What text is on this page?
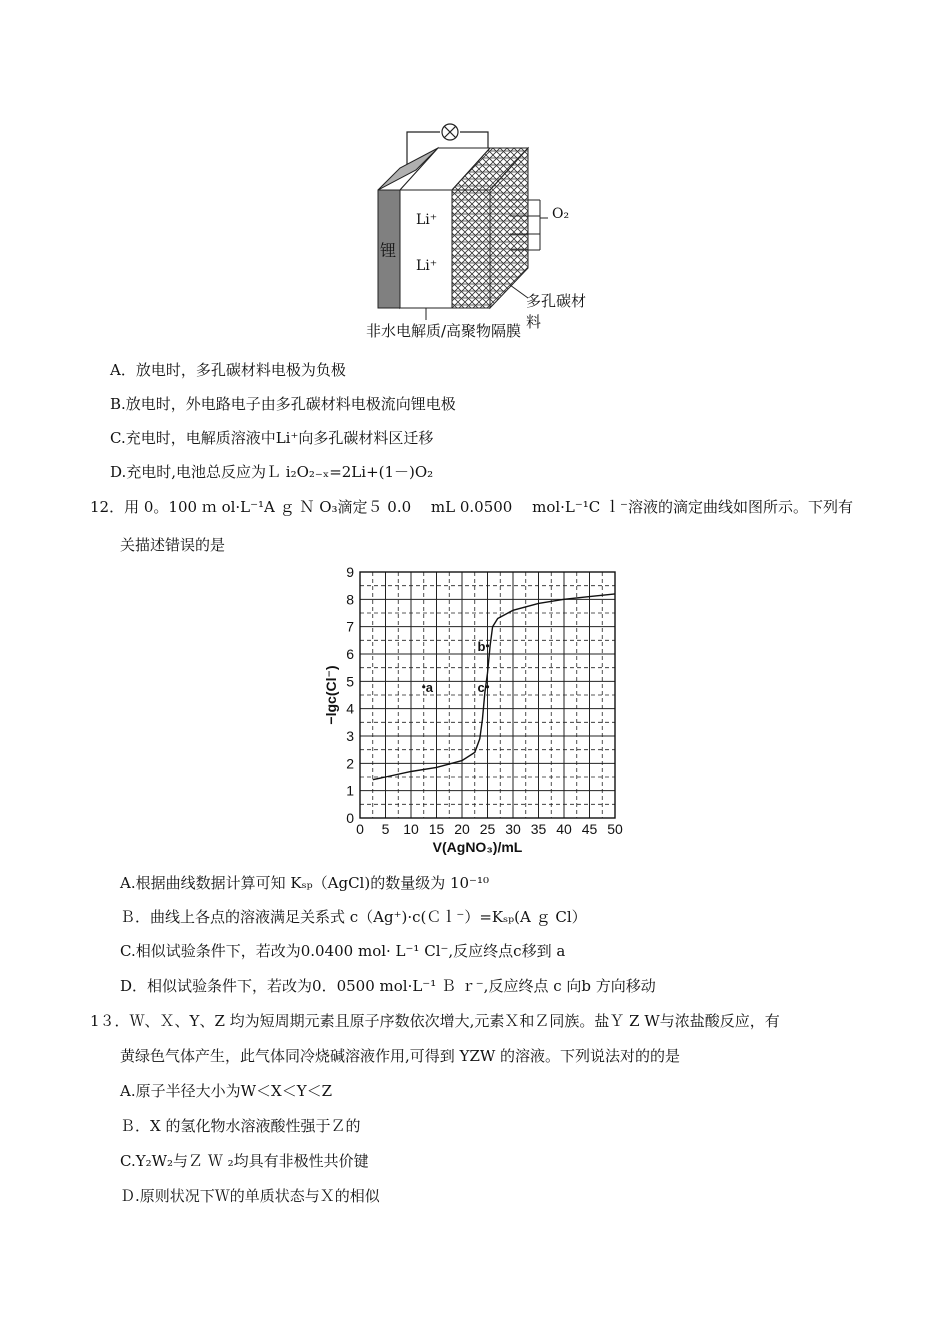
锂
Li⁺
Li⁺
O₂
多孔碳材料
非水电解质/高聚物隔膜
A．放电时，多孔碳材料电极为负极
B.放电时，外电路电子由多孔碳材料电极流向锂电极
C.充电时，电解质溶液中Li⁺向多孔碳材料区迁移
D.充电时,电池总反应为Ｌ i₂O₂₋ₓ=2Li+(1－)O₂
12．用 0。100 ｍ ol·L⁻¹A ｇ Ｎ O₃滴定５ 0.0　 mL 0.0500　 mol·L⁻¹C ｌ⁻溶液的滴定曲线如图所示。下列有
关描述错误的是
0 5 10 15 20 25 30 35 40 45 50
0
1
2
3
4
5
6
7
8
9
V(AgNO₃)/mL
−lgc(Cl⁻)	a
b
c
A.根据曲线数据计算可知 Kₛₚ（AgCl)的数量级为 10⁻¹⁰
Ｂ．曲线上各点的溶液满足关系式 c（Ag⁺)·c(Ｃｌ⁻）=Kₛₚ(A ｇ Cl）
C.相似试验条件下，若改为0.0400 mol· L⁻¹ Cl⁻,反应终点c移到 a
D．相似试验条件下，若改为0．0500 mol·L⁻¹ Ｂ ｒ⁻,反应终点 c 向b 方向移动
1３．Ｗ、Ｘ、Y、Z 均为短周期元素且原子序数依次增大,元素Ｘ和Ｚ同族。盐Ｙ Z W与浓盐酸反应，有
黄绿色气体产生，此气体同冷烧碱溶液作用,可得到 YZW 的溶液。下列说法对的的是
A.原子半径大小为W＜X＜Y＜Z
Ｂ．X 的氢化物水溶液酸性强于Ｚ的
C.Y₂W₂与Ｚ Ｗ ₂均具有非极性共价键
Ｄ.原则状况下Ｗ的单质状态与Ｘ的相似
